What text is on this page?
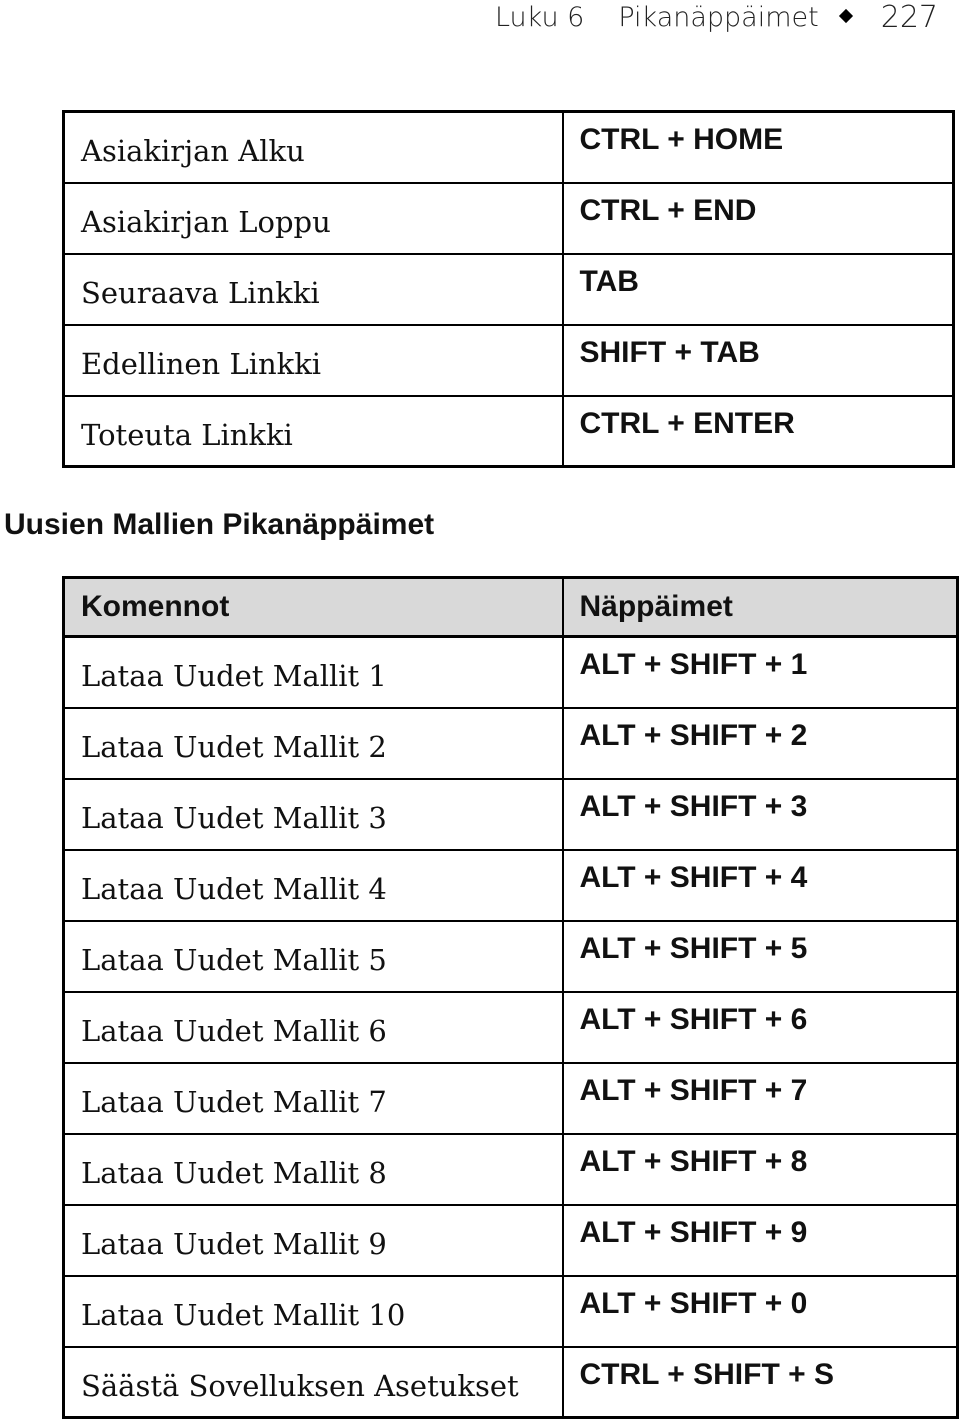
Luku 6 Pikanäppäimet 227
Asiakirjan Alku	CTRL + HOME
Asiakirjan Loppu	CTRL + END
Seuraava Linkki	TAB
Edellinen Linkki	SHIFT + TAB
Toteuta Linkki	CTRL + ENTER
Uusien Mallien Pikanäppäimet
Komennot	Näppäimet
Lataa Uudet Mallit 1	ALT + SHIFT + 1
Lataa Uudet Mallit 2	ALT + SHIFT + 2
Lataa Uudet Mallit 3	ALT + SHIFT + 3
Lataa Uudet Mallit 4	ALT + SHIFT + 4
Lataa Uudet Mallit 5	ALT + SHIFT + 5
Lataa Uudet Mallit 6	ALT + SHIFT + 6
Lataa Uudet Mallit 7	ALT + SHIFT + 7
Lataa Uudet Mallit 8	ALT + SHIFT + 8
Lataa Uudet Mallit 9	ALT + SHIFT + 9
Lataa Uudet Mallit 10	ALT + SHIFT + 0
Säästä Sovelluksen Asetukset	CTRL + SHIFT + S
